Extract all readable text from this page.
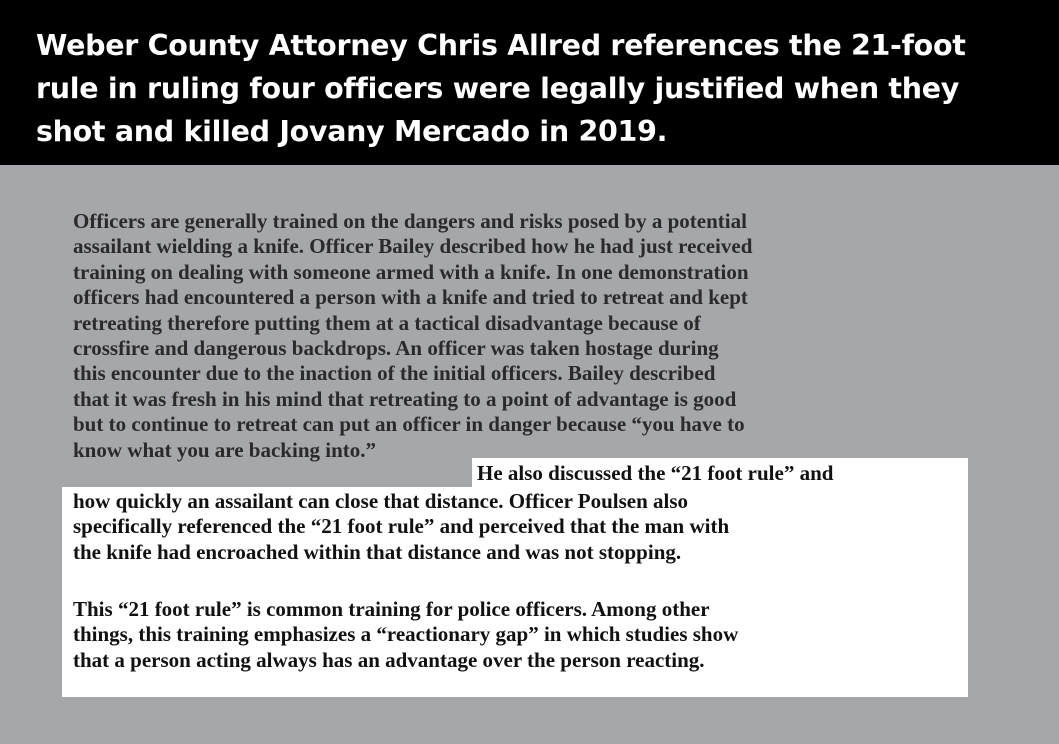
Weber County Attorney Chris Allred references the 21-foot rule in ruling four officers were legally justified when they shot and killed Jovany Mercado in 2019.

Officers are generally trained on the dangers and risks posed by a potential
assailant wielding a knife. Officer Bailey described how he had just received
training on dealing with someone armed with a knife. In one demonstration
officers had encountered a person with a knife and tried to retreat and kept
retreating therefore putting them at a tactical disadvantage because of
crossfire and dangerous backdrops. An officer was taken hostage during
this encounter due to the inaction of the initial officers. Bailey described
that it was fresh in his mind that retreating to a point of advantage is good
but to continue to retreat can put an officer in danger because “you have to
know what you are backing into.”
He also discussed the “21 foot rule” and
how quickly an assailant can close that distance. Officer Poulsen also
specifically referenced the “21 foot rule” and perceived that the man with
the knife had encroached within that distance and was not stopping.
This “21 foot rule” is common training for police officers. Among other
things, this training emphasizes a “reactionary gap” in which studies show
that a person acting always has an advantage over the person reacting.
